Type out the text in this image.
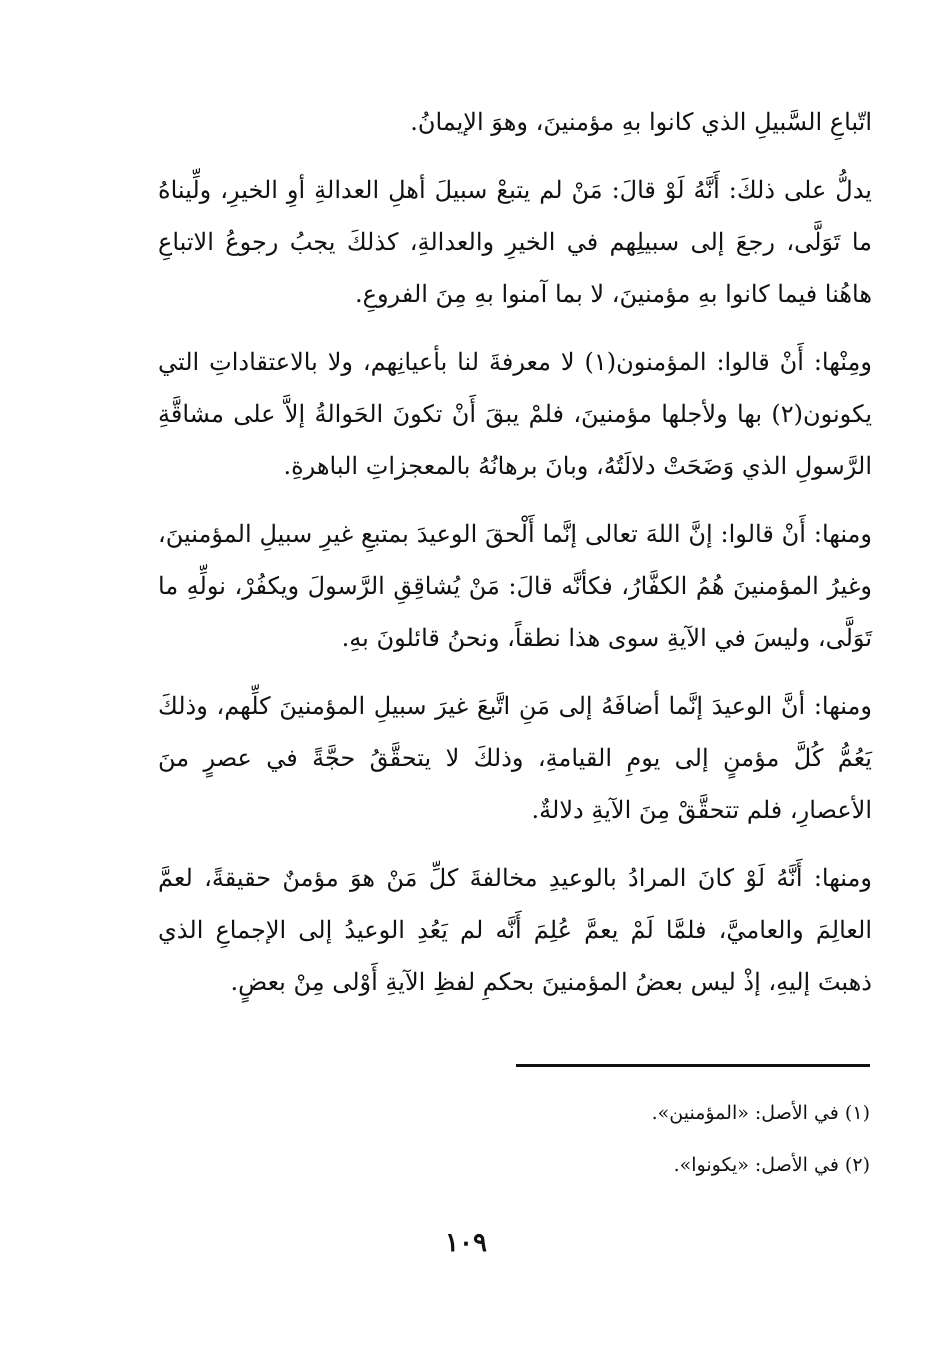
اتّباعِ السَّبيلِ الذي كانوا بهِ مؤمنينَ، وهوَ الإيمانُ.

يدلُّ على ذلكَ: أَنَّهُ لَوْ قالَ: مَنْ لم يتبعْ سبيلَ أهلِ العدالةِ أوِ الخيرِ، ولِّيناهُ ما تَوَلَّى، رجعَ إلى سبيلِهم في الخيرِ والعدالةِ، كذلكَ يجبُ رجوعُ الاتباعِ هاهُنا فيما كانوا بهِ مؤمنينَ، لا بما آمنوا بهِ مِنَ الفروعِ.

ومِنْها: أَنْ قالوا: المؤمنون(١) لا معرفةَ لنا بأعيانِهم، ولا بالاعتقاداتِ التي يكونون(٢) بها ولأجلها مؤمنينَ، فلمْ يبقَ أَنْ تكونَ الحَوالةُ إلاَّ على مشاقَّةِ الرَّسولِ الذي وَضَحَتْ دلالَتُهُ، وبانَ برهانُهُ بالمعجزاتِ الباهرةِ.

ومنها: أَنْ قالوا: إنَّ اللهَ تعالى إنَّما أَلْحقَ الوعيدَ بمتبعِ غيرِ سبيلِ المؤمنينَ، وغيرُ المؤمنينَ هُمُ الكفَّارُ، فكأنَّه قالَ: مَنْ يُشاقِقِ الرَّسولَ ويكفُرْ، نولِّهِ ما تَوَلَّى، وليسَ في الآيةِ سوى هذا نطقاً، ونحنُ قائلونَ بهِ.

ومنها: أنَّ الوعيدَ إنَّما أضافَهُ إلى مَنِ اتَّبعَ غيرَ سبيلِ المؤمنينَ كلِّهم، وذلكَ يَعُمُّ كُلَّ مؤمنٍ إلى يومِ القيامةِ، وذلكَ لا يتحقَّقُ حجَّةً في عصرٍ منَ الأعصارِ، فلم تتحقَّقْ مِنَ الآيةِ دلالةٌ.

ومنها: أَنَّهُ لَوْ كانَ المرادُ بالوعيدِ مخالفةَ كلِّ مَنْ هوَ مؤمنٌ حقيقةً، لعمَّ العالِمَ والعاميَّ، فلمَّا لَمْ يعمَّ عُلِمَ أَنَّه لم يَعُدِ الوعيدُ إلى الإجماعِ الذي ذهبتَ إليهِ، إذْ ليس بعضُ المؤمنينَ بحكمِ لفظِ الآيةِ أَوْلى مِنْ بعضٍ.

(١) في الأصل: «المؤمنين».

(٢) في الأصل: «يكونوا».

١٠٩
